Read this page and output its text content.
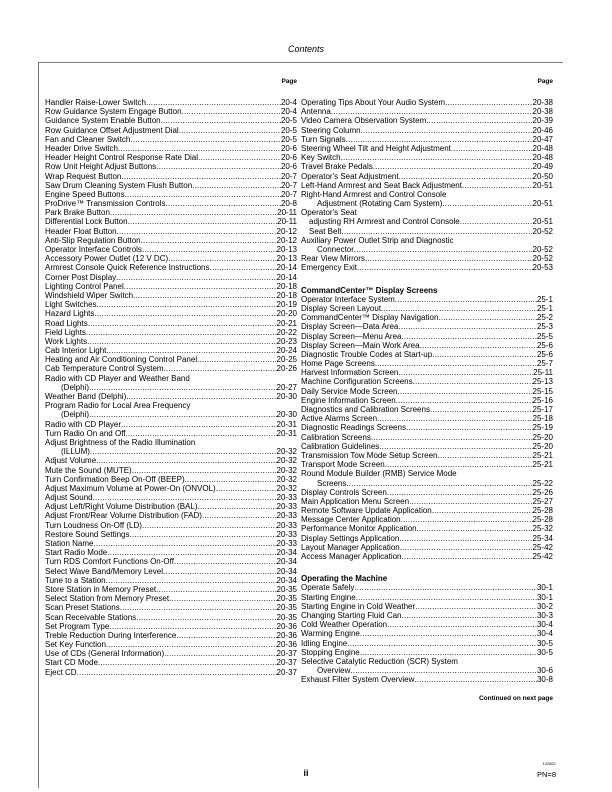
Contents
Page
Handler Raise-Lower Switch .....	20-4
Row Guidance System Engage Button .....	20-4
Guidance System Enable Button .....	20-5
Row Guidance Offset Adjustment Dial .....	20-5
Fan and Cleaner Switch .....	20-5
Header Drive Switch .....	20-6
Header Height Control Response Rate Dial .....	20-6
Row Unit Height Adjust Buttons .....	20-6
Wrap Request Button .....	20-7
Saw Drum Cleaning System Flush Button .....	20-7
Engine Speed Buttons .....	20-7
ProDrive™ Transmission Controls .....	20-8
Park Brake Button .....	20-11
Differential Lock Button .....	20-11
Header Float Button .....	20-12
Anti-Slip Regulation Button .....	20-12
Operator Interface Controls .....	20-13
Accessory Power Outlet (12 V DC) .....	20-13
Armrest Console Quick Reference Instructions .....	20-14
Corner Post Display .....	20-14
Lighting Control Panel .....	20-18
Windshield Wiper Switch .....	20-18
Light Switches .....	20-19
Hazard Lights .....	20-20
Road Lights .....	20-21
Field Lights .....	20-22
Work Lights .....	20-23
Cab Interior Light .....	20-24
Heating and Air Conditioning Control Panel .....	20-25
Cab Temperature Control System .....	20-26
Radio with CD Player and Weather Band
(Delphi) .....	20-27
Weather Band (Delphi) .....	20-30
Program Radio for Local Area Frequency
(Delphi) .....	20-30
Radio with CD Player .....	20-31
Turn Radio On and Off .....	20-31
Adjust Brightness of the Radio Illumination
(ILLUM) .....	20-32
Adjust Volume .....	20-32
Mute the Sound (MUTE) .....	20-32
Turn Confirmation Beep On-Off (BEEP) .....	20-32
Adjust Maximum Volume at Power-On (ONVOL) .....	20-32
Adjust Sound .....	20-33
Adjust Left/Right Volume Distribution (BAL) .....	20-33
Adjust Front/Rear Volume Distribution (FAD) .....	20-33
Turn Loudness On-Off (LD) .....	20-33
Restore Sound Settings .....	20-33
Station Name .....	20-33
Start Radio Mode .....	20-34
Turn RDS Comfort Functions On-Off .....	20-34
Select Wave Band/Memory Level .....	20-34
Tune to a Station .....	20-34
Store Station in Memory Preset .....	20-35
Select Station from Memory Preset .....	20-35
Scan Preset Stations .....	20-35
Scan Receivable Stations .....	20-35
Set Program Type .....	20-36
Treble Reduction During Interference .....	20-36
Set Key Function .....	20-36
Use of CDs (General Information) .....	20-37
Start CD Mode .....	20-37
Eject CD .....	20-37
Page
Operating Tips About Your Audio System .....	20-38
Antenna .....	20-38
Video Camera Observation System .....	20-39
Steering Column .....	20-46
Turn Signals .....	20-47
Steering Wheel Tilt and Height Adjustment .....	20-48
Key Switch .....	20-48
Travel Brake Pedals .....	20-49
Operator's Seat Adjustment .....	20-50
Left-Hand Armrest and Seat Back Adjustment .....	20-51
Right-Hand Armrest and Control Console
Adjustment (Rotating Cam System) .....	20-51
Operator's Seat
adjusting RH Armrest and Control Console .....	20-51
Seat Belt .....	20-52
Auxiliary Power Outlet Strip and Diagnostic
Connector .....	20-52
Rear View Mirrors .....	20-52
Emergency Exit .....	20-53
CommandCenter™ Display Screens
Operator Interface System .....	25-1
Display Screen Layout .....	25-1
CommandCenter™ Display Navigation .....	25-2
Display Screen—Data Area .....	25-3
Display Screen—Menu Area .....	25-5
Display Screen—Main Work Area .....	25-6
Diagnostic Trouble Codes at Start-up .....	25-6
Home Page Screens .....	25-7
Harvest Information Screen .....	25-11
Machine Configuration Screens .....	25-13
Daily Service Mode Screen .....	25-15
Engine Information Screen .....	25-16
Diagnostics and Calibration Screens .....	25-17
Active Alarms Screen .....	25-18
Diagnostic Readings Screens .....	25-19
Calibration Screens .....	25-20
Calibration Guidelines .....	25-20
Transmission Tow Mode Setup Screen .....	25-21
Transport Mode Screen .....	25-21
Round Module Builder (RMB) Service Mode
Screens .....	25-22
Display Controls Screen .....	25-26
Main Application Menu Screen .....	25-27
Remote Software Update Application .....	25-28
Message Center Application .....	25-28
Performance Monitor Application .....	25-32
Display Settings Application .....	25-34
Layout Manager Application .....	25-42
Access Manager Application .....	25-42
Operating the Machine
Operate Safely .....	30-1
Starting Engine .....	30-1
Starting Engine in Cold Weather .....	30-2
Changing Starting Fluid Can .....	30-3
Cold Weather Operation .....	30-4
Warming Engine .....	30-4
Idling Engine .....	30-5
Stopping Engine .....	30-5
Selective Catalytic Reduction (SCR) System
Overview .....	30-6
Exhaust Filter System Overview .....	30-8
Continued on next page
ii
122821
PN=8
